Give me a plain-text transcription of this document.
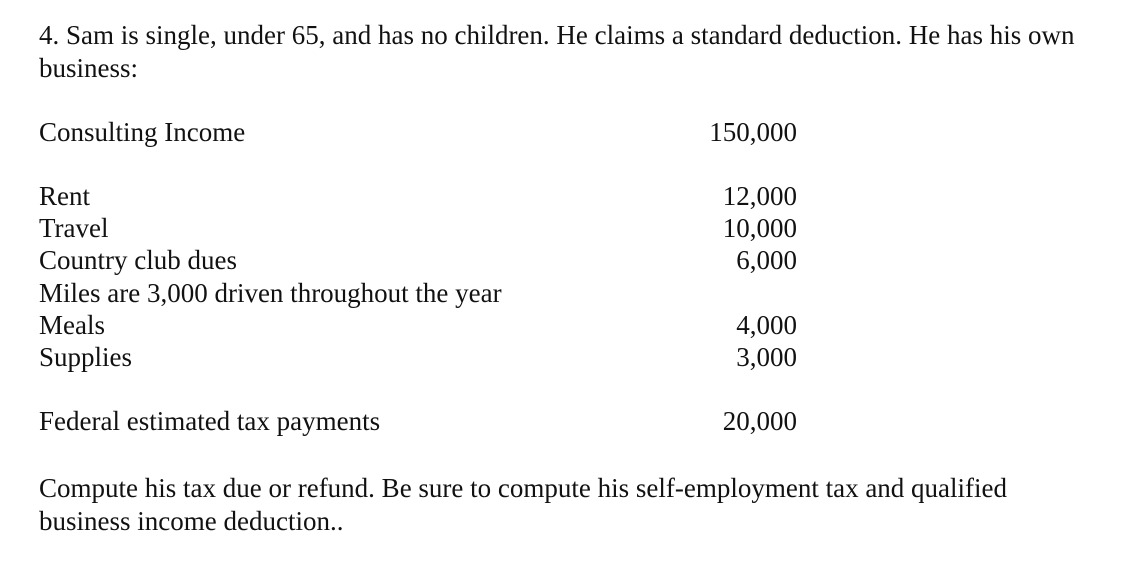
4. Sam is single, under 65, and has no children. He claims a standard deduction. He has his own business:

Consulting Income	150,000
Rent	12,000
Travel	10,000
Country club dues	6,000
Miles are 3,000 driven throughout the year
Meals	4,000
Supplies	3,000
Federal estimated tax payments	20,000

Compute his tax due or refund. Be sure to compute his self-employment tax and qualified business income deduction..
